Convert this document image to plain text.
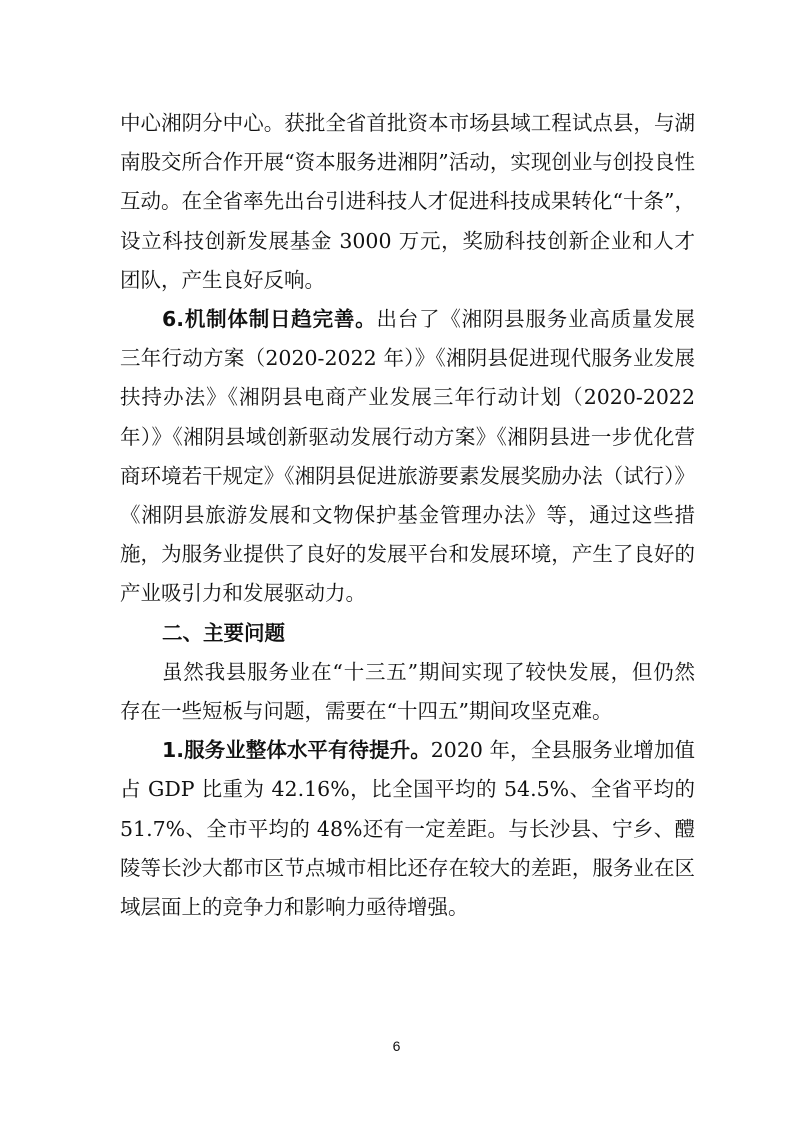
中心湘阴分中心。获批全省首批资本市场县域工程试点县，与湖南股交所合作开展“资本服务进湘阴”活动，实现创业与创投良性互动。在全省率先出台引进科技人才促进科技成果转化“十条”，设立科技创新发展基金 3000 万元，奖励科技创新企业和人才团队，产生良好反响。

6.机制体制日趋完善。出台了《湘阴县服务业高质量发展三年行动方案（2020-2022 年）》《湘阴县促进现代服务业发展扶持办法》《湘阴县电商产业发展三年行动计划（2020-2022 年）》《湘阴县域创新驱动发展行动方案》《湘阴县进一步优化营商环境若干规定》《湘阴县促进旅游要素发展奖励办法（试行）》《湘阴县旅游发展和文物保护基金管理办法》等，通过这些措施，为服务业提供了良好的发展平台和发展环境，产生了良好的产业吸引力和发展驱动力。

二、主要问题

虽然我县服务业在“十三五”期间实现了较快发展，但仍然存在一些短板与问题，需要在“十四五”期间攻坚克难。

1.服务业整体水平有待提升。2020 年，全县服务业增加值占 GDP 比重为 42.16%，比全国平均的 54.5%、全省平均的 51.7%、全市平均的 48%还有一定差距。与长沙县、宁乡、醴陵等长沙大都市区节点城市相比还存在较大的差距，服务业在区域层面上的竞争力和影响力亟待增强。

6
